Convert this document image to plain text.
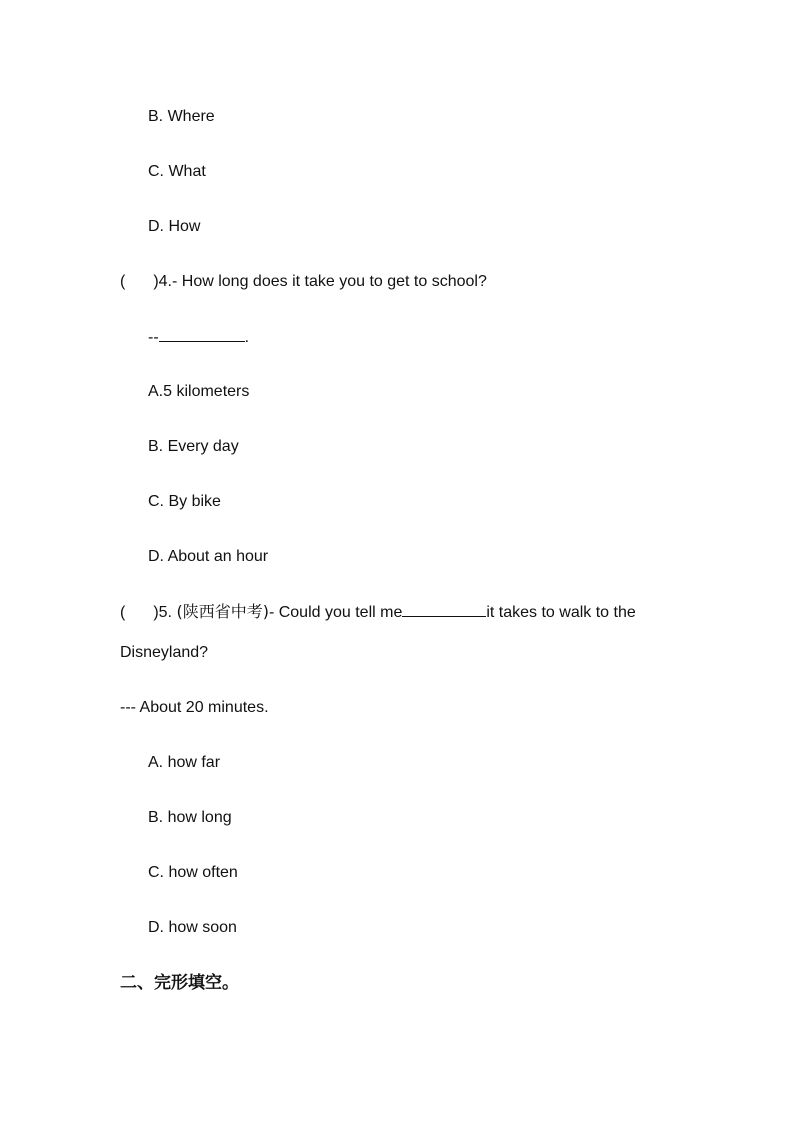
B. Where
C. What
D. How
( )4.- How long does it take you to get to school?
--	.
A.5 kilometers
B. Every day
C. By bike
D. About an hour
( )5. (陕西省中考)- Could you tell me	it takes to walk to the
Disneyland?
--- About 20 minutes.
A. how far
B. how long
C. how often
D. how soon
二、完形填空。
